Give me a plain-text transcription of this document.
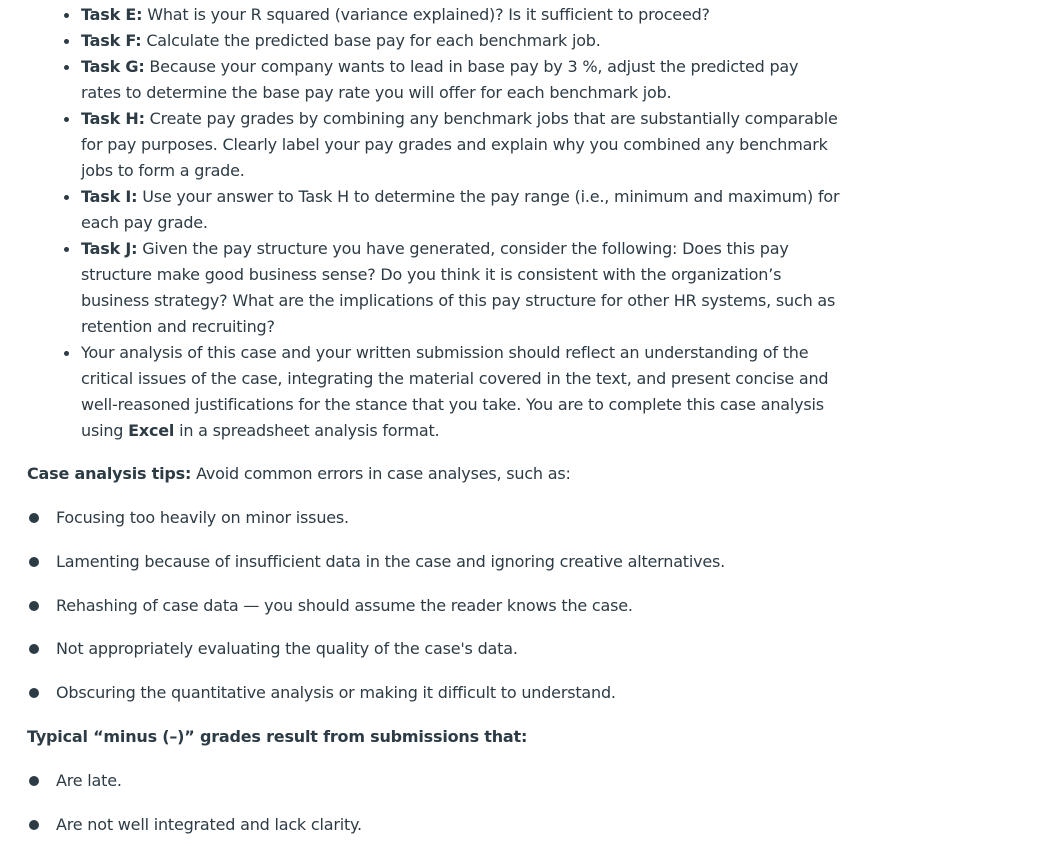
Task E: What is your R squared (variance explained)? Is it sufficient to proceed?
Task F: Calculate the predicted base pay for each benchmark job.
Task G: Because your company wants to lead in base pay by 3 %, adjust the predicted pay rates to determine the base pay rate you will offer for each benchmark job.
Task H: Create pay grades by combining any benchmark jobs that are substantially comparable for pay purposes. Clearly label your pay grades and explain why you combined any benchmark jobs to form a grade.
Task I: Use your answer to Task H to determine the pay range (i.e., minimum and maximum) for each pay grade.
Task J: Given the pay structure you have generated, consider the following: Does this pay structure make good business sense? Do you think it is consistent with the organization’s business strategy? What are the implications of this pay structure for other HR systems, such as retention and recruiting?
Your analysis of this case and your written submission should reflect an understanding of the critical issues of the case, integrating the material covered in the text, and present concise and well-reasoned justifications for the stance that you take. You are to complete this case analysis using Excel in a spreadsheet analysis format.

Case analysis tips: Avoid common errors in case analyses, such as:

Focusing too heavily on minor issues.

Lamenting because of insufficient data in the case and ignoring creative alternatives.

Rehashing of case data — you should assume the reader knows the case.

Not appropriately evaluating the quality of the case's data.

Obscuring the quantitative analysis or making it difficult to understand.

Typical “minus (–)” grades result from submissions that:

Are late.

Are not well integrated and lack clarity.
